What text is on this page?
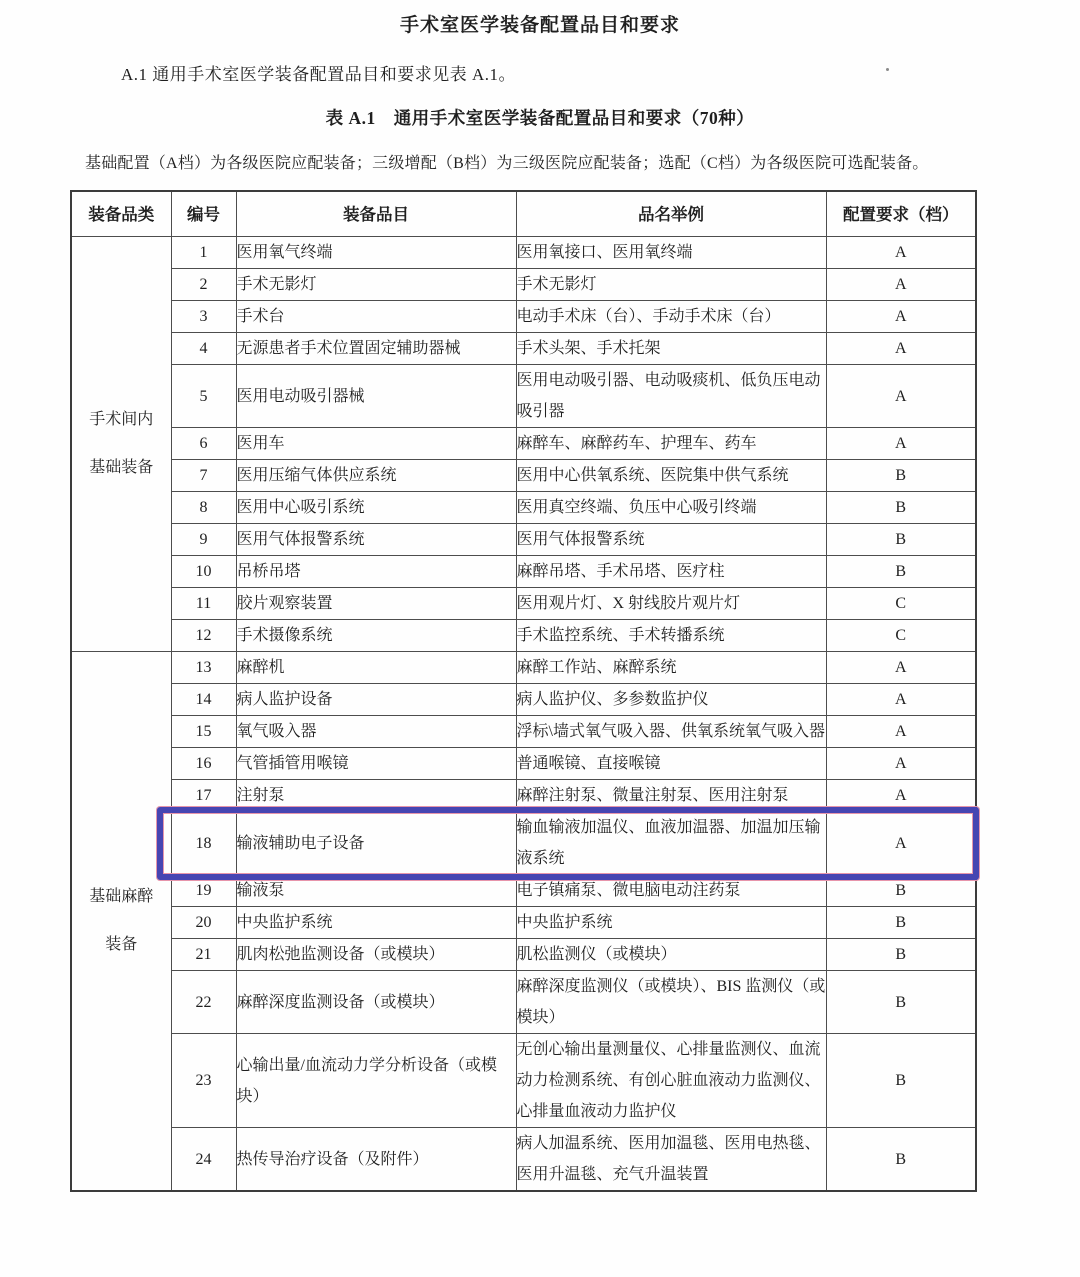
手术室医学装备配置品目和要求
A.1 通用手术室医学装备配置品目和要求见表 A.1。
表 A.1　通用手术室医学装备配置品目和要求（70种）
基础配置（A档）为各级医院应配装备；三级增配（B档）为三级医院应配装备；选配（C档）为各级医院可选配装备。
装备品类	编号	装备品目	品名举例	配置要求（档）

手术间内
基础装备	1	医用氧气终端	医用氧接口、医用氧终端	A
	2	手术无影灯	手术无影灯	A
	3	手术台	电动手术床（台）、手动手术床（台）	A
	4	无源患者手术位置固定辅助器械	手术头架、手术托架	A
	5	医用电动吸引器械	医用电动吸引器、电动吸痰机、低负压电动吸引器	A
	6	医用车	麻醉车、麻醉药车、护理车、药车	A
	7	医用压缩气体供应系统	医用中心供氧系统、医院集中供气系统	B
	8	医用中心吸引系统	医用真空终端、负压中心吸引终端	B
	9	医用气体报警系统	医用气体报警系统	B
	10	吊桥吊塔	麻醉吊塔、手术吊塔、医疗柱	B
	11	胶片观察装置	医用观片灯、X 射线胶片观片灯	C
	12	手术摄像系统	手术监控系统、手术转播系统	C

基础麻醉
装备	13	麻醉机	麻醉工作站、麻醉系统	A
	14	病人监护设备	病人监护仪、多参数监护仪	A
	15	氧气吸入器	浮标\墙式氧气吸入器、供氧系统氧气吸入器	A
	16	气管插管用喉镜	普通喉镜、直接喉镜	A
	17	注射泵	麻醉注射泵、微量注射泵、医用注射泵	A
	18	输液辅助电子设备	输血输液加温仪、血液加温器、加温加压输液系统	A
	19	输液泵	电子镇痛泵、微电脑电动注药泵	B
	20	中央监护系统	中央监护系统	B
	21	肌肉松弛监测设备（或模块）	肌松监测仪（或模块）	B
	22	麻醉深度监测设备（或模块）	麻醉深度监测仪（或模块）、BIS 监测仪（或模块）	B
	23	心输出量/血流动力学分析设备（或模块）	无创心输出量测量仪、心排量监测仪、血流动力检测系统、有创心脏血液动力监测仪、心排量血液动力监护仪	B
	24	热传导治疗设备（及附件）	病人加温系统、医用加温毯、医用电热毯、医用升温毯、充气升温装置	B
